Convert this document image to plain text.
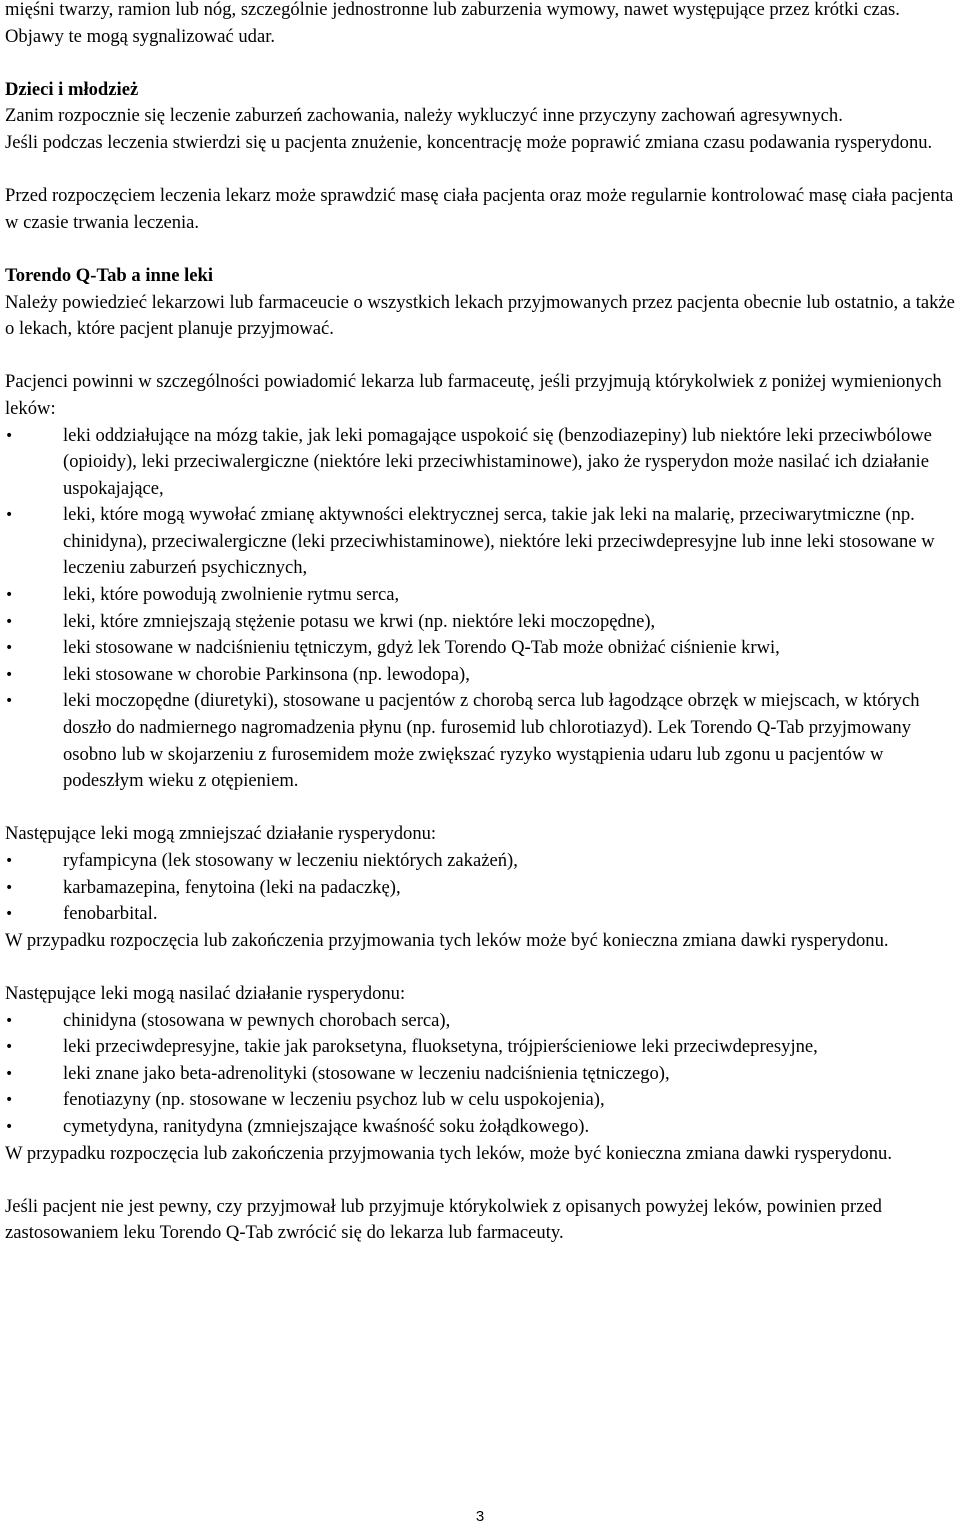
mięśni twarzy, ramion lub nóg, szczególnie jednostronne lub zaburzenia wymowy, nawet występujące przez krótki czas. Objawy te mogą sygnalizować udar.

Dzieci i młodzież

Zanim rozpocznie się leczenie zaburzeń zachowania, należy wykluczyć inne przyczyny zachowań agresywnych.

Jeśli podczas leczenia stwierdzi się u pacjenta znużenie, koncentrację może poprawić zmiana czasu podawania rysperydonu.

Przed rozpoczęciem leczenia lekarz może sprawdzić masę ciała pacjenta oraz może regularnie kontrolować masę ciała pacjenta w czasie trwania leczenia.

Torendo Q-Tab a inne leki

Należy powiedzieć lekarzowi lub farmaceucie o wszystkich lekach przyjmowanych przez pacjenta obecnie lub ostatnio, a także o lekach, które pacjent planuje przyjmować.

Pacjenci powinni w szczególności powiadomić lekarza lub farmaceutę, jeśli przyjmują którykolwiek z poniżej wymienionych leków:

•	leki oddziałujące na mózg takie, jak leki pomagające uspokoić się (benzodiazepiny) lub niektóre leki przeciwbólowe (opioidy), leki przeciwalergiczne (niektóre leki przeciwhistaminowe), jako że rysperydon może nasilać ich działanie uspokajające,
•	leki, które mogą wywołać zmianę aktywności elektrycznej serca, takie jak leki na malarię, przeciwarytmiczne (np. chinidyna), przeciwalergiczne (leki przeciwhistaminowe), niektóre leki przeciwdepresyjne lub inne leki stosowane w leczeniu zaburzeń psychicznych,
•	leki, które powodują zwolnienie rytmu serca,
•	leki, które zmniejszają stężenie potasu we krwi (np. niektóre leki moczopędne),
•	leki stosowane w nadciśnieniu tętniczym, gdyż lek Torendo Q-Tab może obniżać ciśnienie krwi,
•	leki stosowane w chorobie Parkinsona (np. lewodopa),
•	leki moczopędne (diuretyki), stosowane u pacjentów z chorobą serca lub łagodzące obrzęk w miejscach, w których doszło do nadmiernego nagromadzenia płynu (np. furosemid lub chlorotiazyd). Lek Torendo Q-Tab przyjmowany osobno lub w skojarzeniu z furosemidem może zwiększać ryzyko wystąpienia udaru lub zgonu u pacjentów w podeszłym wieku z otępieniem.

Następujące leki mogą zmniejszać działanie rysperydonu:

•	ryfampicyna (lek stosowany w leczeniu niektórych zakażeń),
•	karbamazepina, fenytoina (leki na padaczkę),
•	fenobarbital.

W przypadku rozpoczęcia lub zakończenia przyjmowania tych leków może być konieczna zmiana dawki rysperydonu.

Następujące leki mogą nasilać działanie rysperydonu:

•	chinidyna (stosowana w pewnych chorobach serca),
•	leki przeciwdepresyjne, takie jak paroksetyna, fluoksetyna, trójpierścieniowe leki przeciwdepresyjne,
•	leki znane jako beta-adrenolityki (stosowane w leczeniu nadciśnienia tętniczego),
•	fenotiazyny (np. stosowane w leczeniu psychoz lub w celu uspokojenia),
•	cymetydyna, ranitydyna (zmniejszające kwaśność soku żołądkowego).

W przypadku rozpoczęcia lub zakończenia przyjmowania tych leków, może być konieczna zmiana dawki rysperydonu.

Jeśli pacjent nie jest pewny, czy przyjmował lub przyjmuje którykolwiek z opisanych powyżej leków, powinien przed zastosowaniem leku Torendo Q-Tab zwrócić się do lekarza lub farmaceuty.

3
